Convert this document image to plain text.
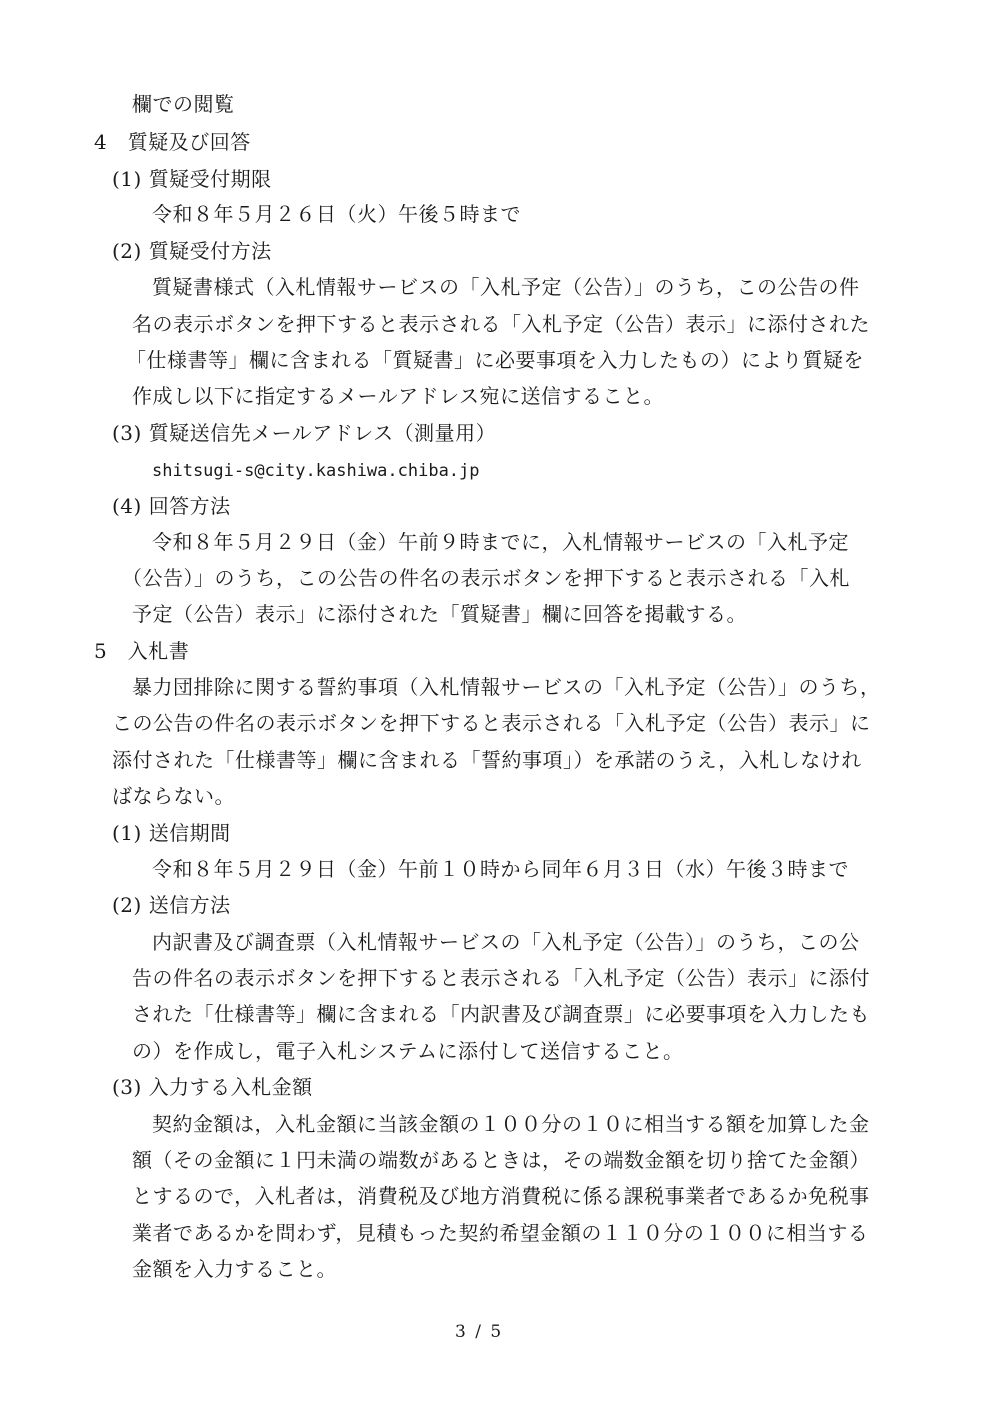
欄での閲覧
4　質疑及び回答
(1) 質疑受付期限
令和８年５月２６日（火）午後５時まで
(2) 質疑受付方法
質疑書様式（入札情報サービスの「入札予定（公告）」のうち，この公告の件
名の表示ボタンを押下すると表示される「入札予定（公告）表示」に添付された
「仕様書等」欄に含まれる「質疑書」に必要事項を入力したもの）により質疑を
作成し以下に指定するメールアドレス宛に送信すること。
(3) 質疑送信先メールアドレス（測量用）
shitsugi-s@city.kashiwa.chiba.jp
(4) 回答方法
令和８年５月２９日（金）午前９時までに，入札情報サービスの「入札予定
（公告）」のうち，この公告の件名の表示ボタンを押下すると表示される「入札
予定（公告）表示」に添付された「質疑書」欄に回答を掲載する。
5　入札書
暴力団排除に関する誓約事項（入札情報サービスの「入札予定（公告）」のうち，
この公告の件名の表示ボタンを押下すると表示される「入札予定（公告）表示」に
添付された「仕様書等」欄に含まれる「誓約事項」）を承諾のうえ，入札しなけれ
ばならない。
(1) 送信期間
令和８年５月２９日（金）午前１０時から同年６月３日（水）午後３時まで
(2) 送信方法
内訳書及び調査票（入札情報サービスの「入札予定（公告）」のうち，この公
告の件名の表示ボタンを押下すると表示される「入札予定（公告）表示」に添付
された「仕様書等」欄に含まれる「内訳書及び調査票」に必要事項を入力したも
の）を作成し，電子入札システムに添付して送信すること。
(3) 入力する入札金額
契約金額は，入札金額に当該金額の１００分の１０に相当する額を加算した金
額（その金額に１円未満の端数があるときは，その端数金額を切り捨てた金額）
とするので，入札者は，消費税及び地方消費税に係る課税事業者であるか免税事
業者であるかを問わず，見積もった契約希望金額の１１０分の１００に相当する
金額を入力すること。
3 / 5
